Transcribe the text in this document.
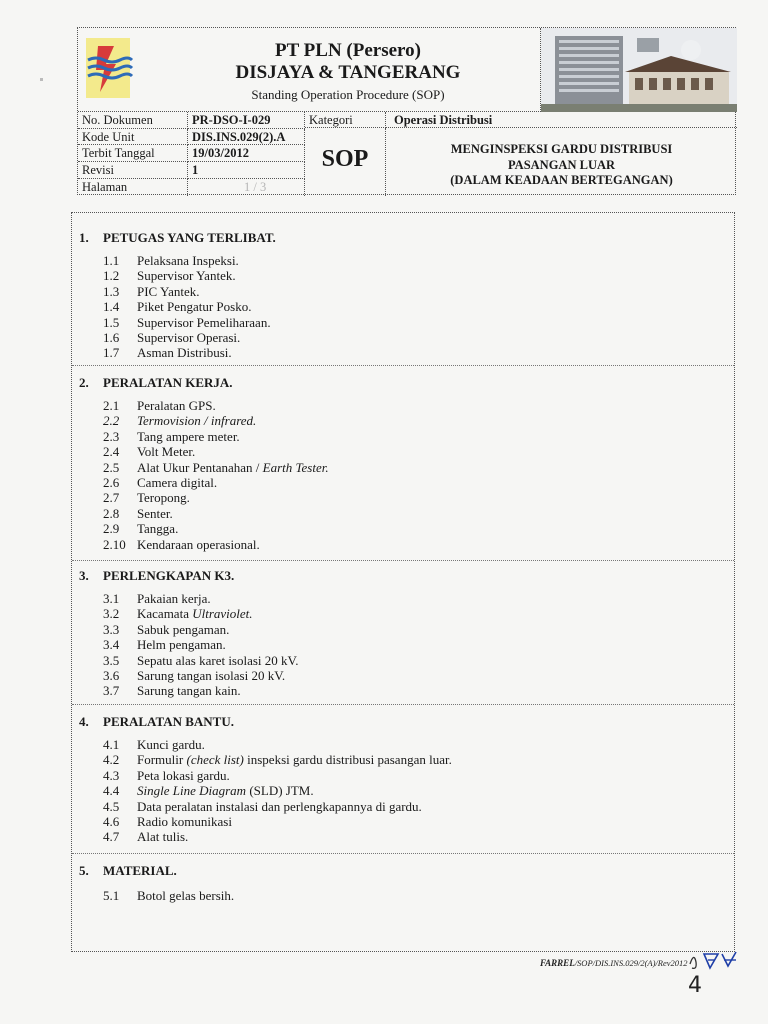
PT PLN (Persero)
DISJAYA & TANGERANG
Standing Operation Procedure (SOP)
No. Dokumen
Kode Unit
Terbit Tanggal
Revisi
Halaman
PR-DSO-I-029
DIS.INS.029(2).A
19/03/2012
1
1 / 3
Kategori	Operasi Distribusi
SOP	MENGINSPEKSI GARDU DISTRIBUSI
PASANGAN LUAR
(DALAM KEADAAN BERTEGANGAN)
1. PETUGAS YANG TERLIBAT.
1.1 Pelaksana Inspeksi.
1.2 Supervisor Yantek.
1.3 PIC Yantek.
1.4 Piket Pengatur Posko.
1.5 Supervisor Pemeliharaan.
1.6 Supervisor Operasi.
1.7 Asman Distribusi.
2. PERALATAN KERJA.
2.1 Peralatan GPS.
2.2 Termovision / infrared.
2.3 Tang ampere meter.
2.4 Volt Meter.
2.5 Alat Ukur Pentanahan / Earth Tester.
2.6 Camera digital.
2.7 Teropong.
2.8 Senter.
2.9 Tangga.
2.10 Kendaraan operasional.
3. PERLENGKAPAN K3.
3.1 Pakaian kerja.
3.2 Kacamata Ultraviolet.
3.3 Sabuk pengaman.
3.4 Helm pengaman.
3.5 Sepatu alas karet isolasi 20 kV.
3.6 Sarung tangan isolasi 20 kV.
3.7 Sarung tangan kain.
4. PERALATAN BANTU.
4.1 Kunci gardu.
4.2 Formulir (check list) inspeksi gardu distribusi pasangan luar.
4.3 Peta lokasi gardu.
4.4 Single Line Diagram (SLD) JTM.
4.5 Data peralatan instalasi dan perlengkapannya di gardu.
4.6 Radio komunikasi
4.7 Alat tulis.
5. MATERIAL.
5.1 Botol gelas bersih.
FARREL/SOP/DIS.INS.029/2(A)/Rev2012
4
